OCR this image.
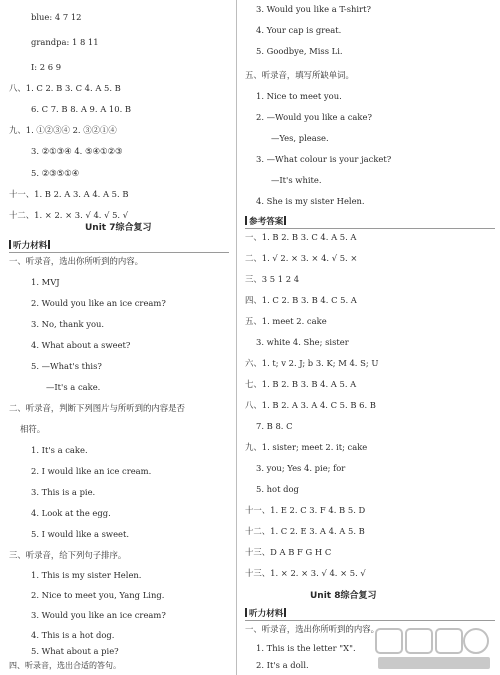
blue: 4 7 12
grandpa: 1 8 11
I: 2 6 9
八、1. C 2. B 3. C 4. A 5. B
6. C 7. B 8. A 9. A 10. B
九、1. ①②③④ 2. ③②①④
3. ②①③④ 4. ⑤④①②③
5. ②③⑤①④
十一、1. B 2. A 3. A 4. A 5. B
十二、1. × 2. × 3. √ 4. √ 5. √
Unit 7综合复习
听力材料
一、听录音，选出你所听到的内容。
1. MVJ
2. Would you like an ice cream?
3. No, thank you.
4. What about a sweet?
5. —What's this?
—It's a cake.
二、听录音，判断下列图片与所听到的内容是否
相符。
1. It's a cake.
2. I would like an ice cream.
3. This is a pie.
4. Look at the egg.
5. I would like a sweet.
三、听录音，给下列句子排序。
1. This is my sister Helen.
2. Nice to meet you, Yang Ling.
3. Would you like an ice cream?
4. This is a hot dog.
5. What about a pie?
四、听录音，选出合适的答句。
3. Would you like a T-shirt?
4. Your cap is great.
5. Goodbye, Miss Li.
五、听录音，填写所缺单词。
1. Nice to meet you.
2. —Would you like a cake?
—Yes, please.
3. —What colour is your jacket?
—It's white.
4. She is my sister Helen.
参考答案
一、1. B 2. B 3. C 4. A 5. A
二、1. √ 2. × 3. × 4. √ 5. ×
三、3 5 1 2 4
四、1. C 2. B 3. B 4. C 5. A
五、1. meet 2. cake
3. white 4. She; sister
六、1. t; v 2. J; b 3. K; M 4. S; U
七、1. B 2. B 3. B 4. A 5. A
八、1. B 2. A 3. A 4. C 5. B 6. B
7. B 8. C
九、1. sister; meet 2. it; cake
3. you; Yes 4. pie; for
5. hot dog
十一、1. E 2. C 3. F 4. B 5. D
十二、1. C 2. E 3. A 4. A 5. B
十三、D A B F G H C
十三、1. × 2. × 3. √ 4. × 5. √
Unit 8综合复习
听力材料
一、听录音，选出你所听到的内容。
1. This is the letter "X".
2. It's a doll.
